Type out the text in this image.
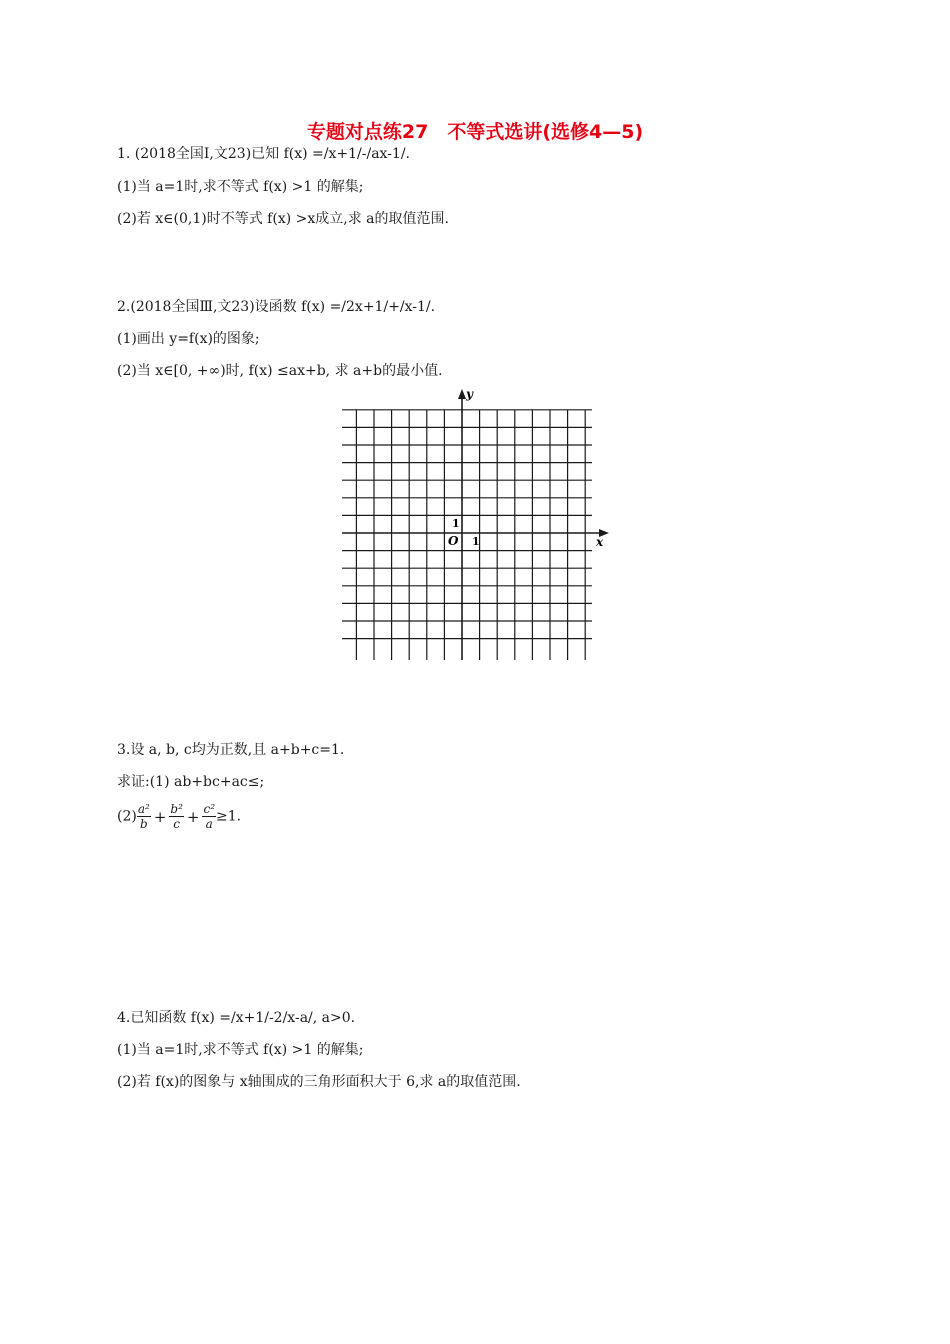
专题对点练27　不等式选讲(选修4—5)
1. (2018全国Ⅰ,文23)已知 f(x) =/x+1/-/ax-1/.
(1)当 a=1时,求不等式 f(x) >1 的解集;
(2)若 x∈(0,1)时不等式 f(x) >x成立,求 a的取值范围.
2.(2018全国Ⅲ,文23)设函数 f(x) =/2x+1/+/x-1/.
(1)画出 y=f(x)的图象;
(2)当 x∈[0, +∞)时, f(x) ≤ax+b, 求 a+b的最小值.
x
y
O 1
1
3.设 a, b, c均为正数,且 a+b+c=1.
求证:(1) ab+bc+ac≤;
$(2) \frac{\text{a²}}{b} + \frac{\text{b²}}{c} + \frac{\text{c²}}{a} \ge 1$.
4.已知函数 f(x) =/x+1/-2/x-a/, a>0.
(1)当 a=1时,求不等式 f(x) >1 的解集;
(2)若 f(x)的图象与 x轴围成的三角形面积大于 6,求 a的取值范围.
